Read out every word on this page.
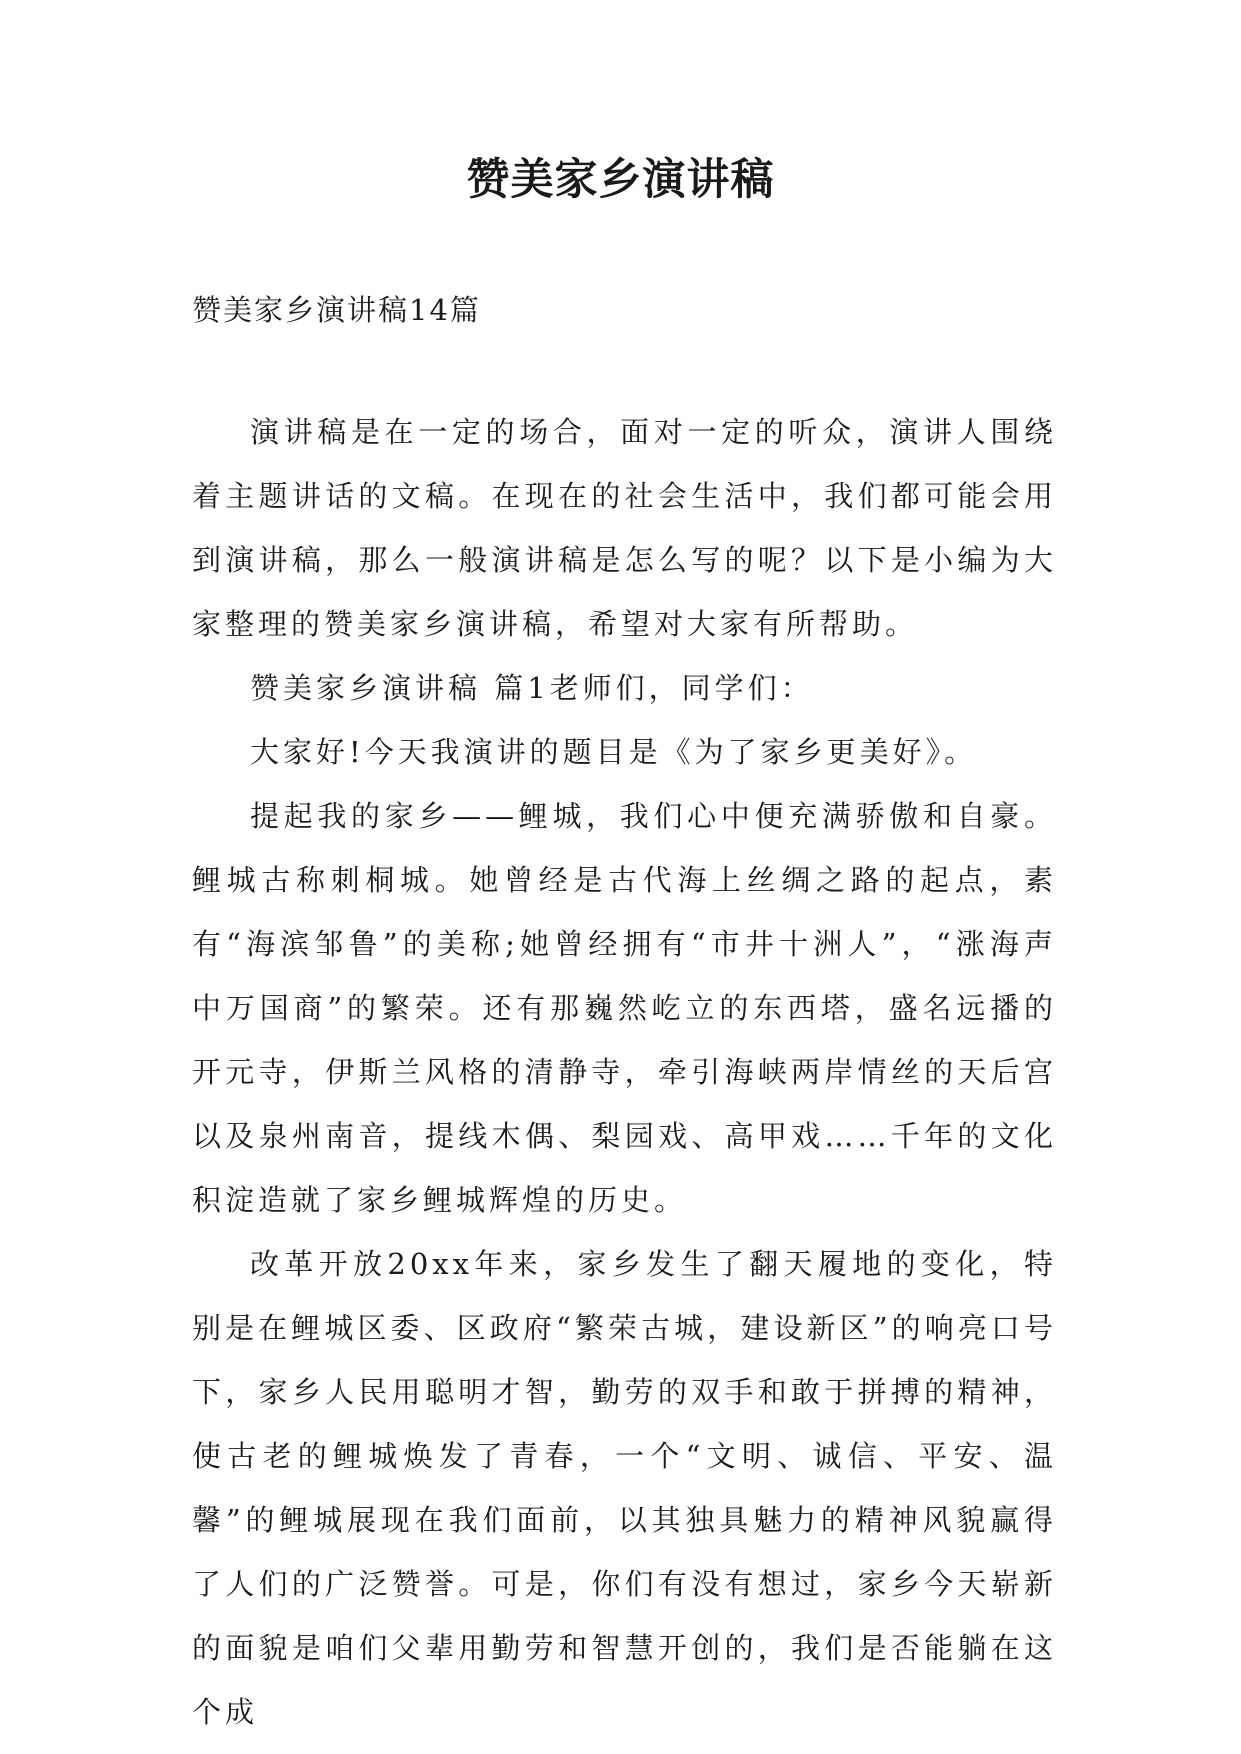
赞美家乡演讲稿
赞美家乡演讲稿14篇

演讲稿是在一定的场合，面对一定的听众，演讲人围绕着主题讲话的文稿。在现在的社会生活中，我们都可能会用到演讲稿，那么一般演讲稿是怎么写的呢？以下是小编为大家整理的赞美家乡演讲稿，希望对大家有所帮助。

赞美家乡演讲稿 篇1老师们，同学们：

大家好!今天我演讲的题目是《为了家乡更美好》。

提起我的家乡——鲤城，我们心中便充满骄傲和自豪。鲤城古称刺桐城。她曾经是古代海上丝绸之路的起点，素有“海滨邹鲁”的美称;她曾经拥有“市井十洲人”，“涨海声中万国商”的繁荣。还有那巍然屹立的东西塔，盛名远播的开元寺，伊斯兰风格的清静寺，牵引海峡两岸情丝的天后宫以及泉州南音，提线木偶、梨园戏、高甲戏……千年的文化积淀造就了家乡鲤城辉煌的历史。

改革开放20xx年来，家乡发生了翻天履地的变化，特别是在鲤城区委、区政府“繁荣古城，建设新区”的响亮口号下，家乡人民用聪明才智，勤劳的双手和敢于拼搏的精神，使古老的鲤城焕发了青春，一个“文明、诚信、平安、温馨”的鲤城展现在我们面前，以其独具魅力的精神风貌赢得了人们的广泛赞誉。可是，你们有没有想过，家乡今天崭新的面貌是咱们父辈用勤劳和智慧开创的，我们是否能躺在这个成
